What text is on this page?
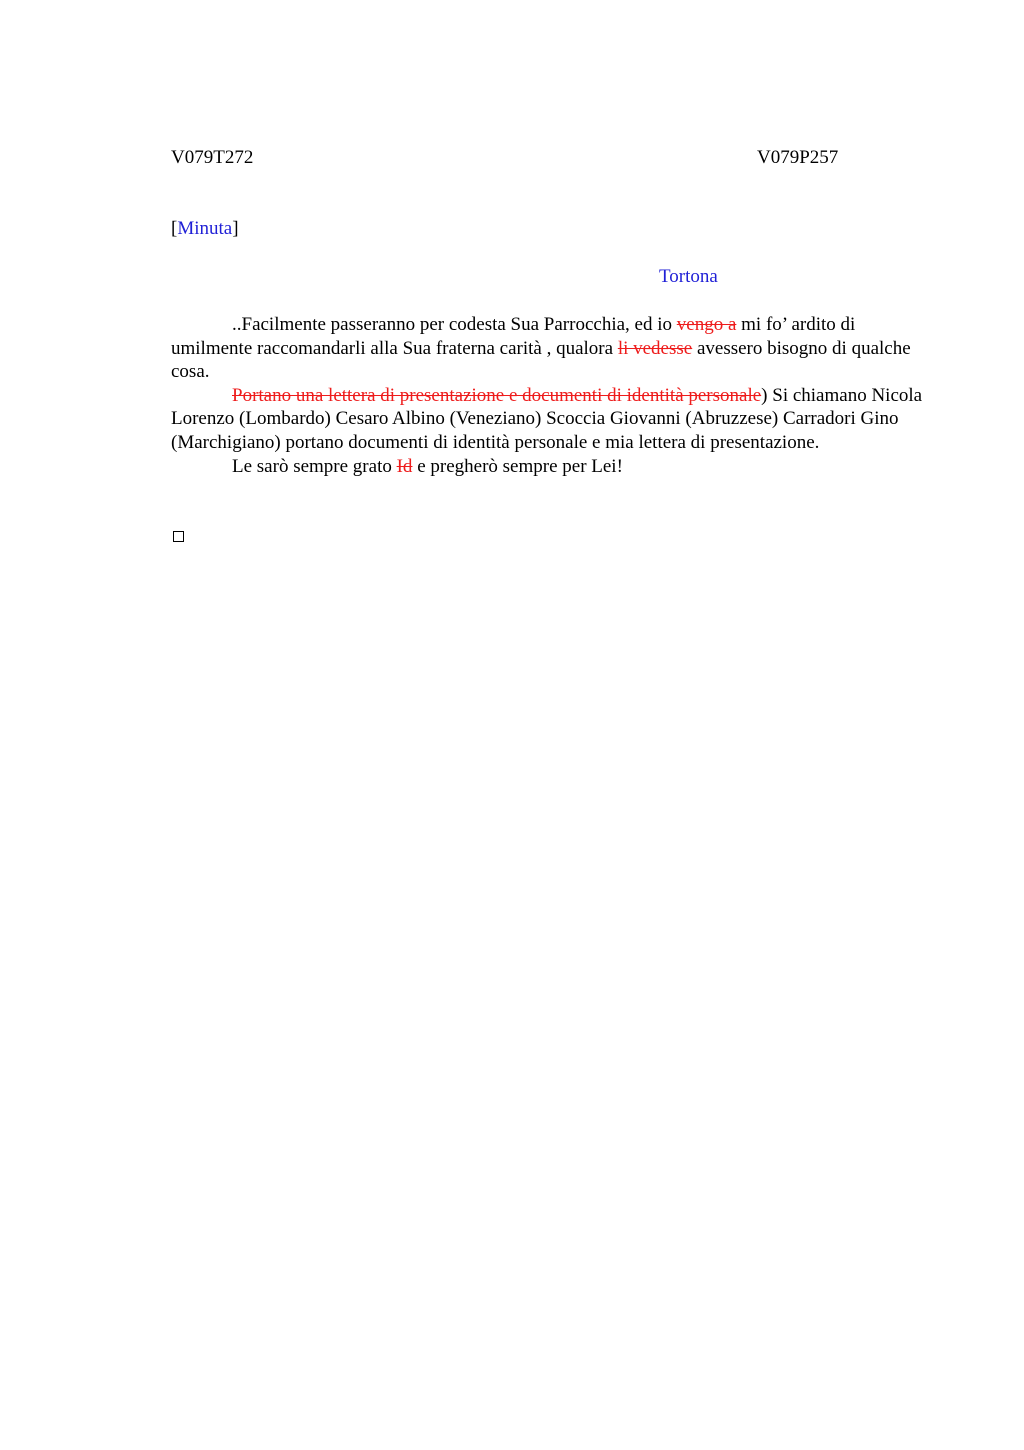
V079T272	V079P257
[Minuta]
Tortona

..Facilmente passeranno per codesta Sua Parrocchia, ed io vengo a mi fo’ ardito di umilmente raccomandarli alla Sua fraterna carità , qualora li vedesse avessero bisogno di qualche cosa.

Portano una lettera di presentazione e documenti di identità personale) Si chiamano Nicola Lorenzo (Lombardo) Cesaro Albino (Veneziano) Scoccia Giovanni (Abruzzese) Carradori Gino (Marchigiano) portano documenti di identità personale e mia lettera di presentazione.

Le sarò sempre grato Id e pregherò sempre per Lei!
